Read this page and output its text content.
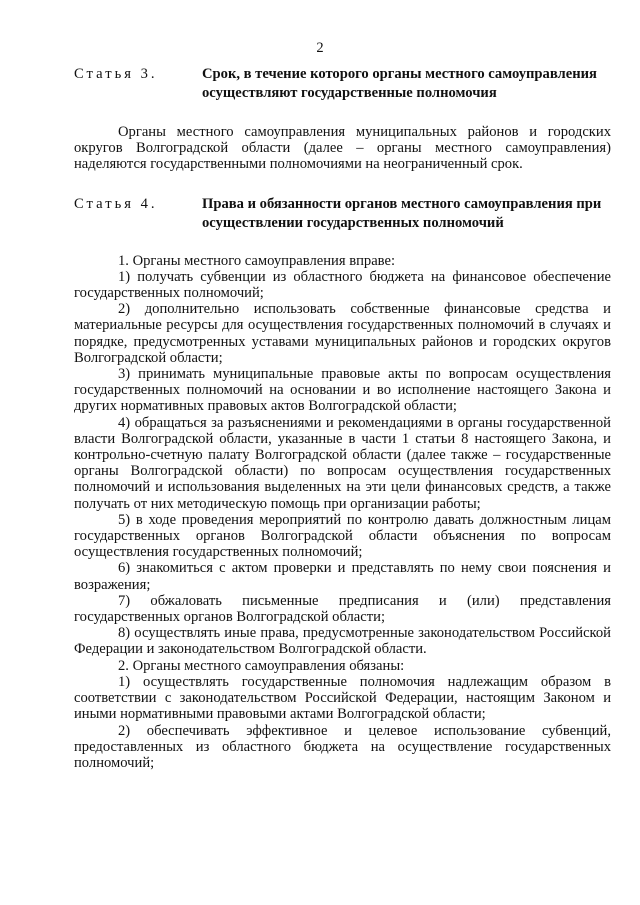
2
Статья 3.	Срок, в течение которого органы местного самоуправления осуществляют государственные полномочия

Органы местного самоуправления муниципальных районов и городских округов Волгоградской области (далее – органы местного самоуправления) наделяются государственными полномочиями на неограниченный срок.

Статья 4.	Права и обязанности органов местного самоуправления при осуществлении государственных полномочий

1. Органы местного самоуправления вправе:

1) получать субвенции из областного бюджета на финансовое обеспечение государственных полномочий;

2) дополнительно использовать собственные финансовые средства и материальные ресурсы для осуществления государственных полномочий в случаях и порядке, предусмотренных уставами муниципальных районов и городских округов Волгоградской области;

3) принимать муниципальные правовые акты по вопросам осуществления государственных полномочий на основании и во исполнение настоящего Закона и других нормативных правовых актов Волгоградской области;

4) обращаться за разъяснениями и рекомендациями в органы государственной власти Волгоградской области, указанные в части 1 статьи 8 настоящего Закона, и контрольно-счетную палату Волгоградской области (далее также – государственные органы Волгоградской области) по вопросам осуществления государственных полномочий и использования выделенных на эти цели финансовых средств, а также получать от них методическую помощь при организации работы;

5) в ходе проведения мероприятий по контролю давать должностным лицам государственных органов Волгоградской области объяснения по вопросам осуществления государственных полномочий;

6) знакомиться с актом проверки и представлять по нему свои пояснения и возражения;

7) обжаловать письменные предписания и (или) представления государственных органов Волгоградской области;

8) осуществлять иные права, предусмотренные законодательством Российской Федерации и законодательством Волгоградской области.

2. Органы местного самоуправления обязаны:

1) осуществлять государственные полномочия надлежащим образом в соответствии с законодательством Российской Федерации, настоящим Законом и иными нормативными правовыми актами Волгоградской области;

2) обеспечивать эффективное и целевое использование субвенций, предоставленных из областного бюджета на осуществление государственных полномочий;
